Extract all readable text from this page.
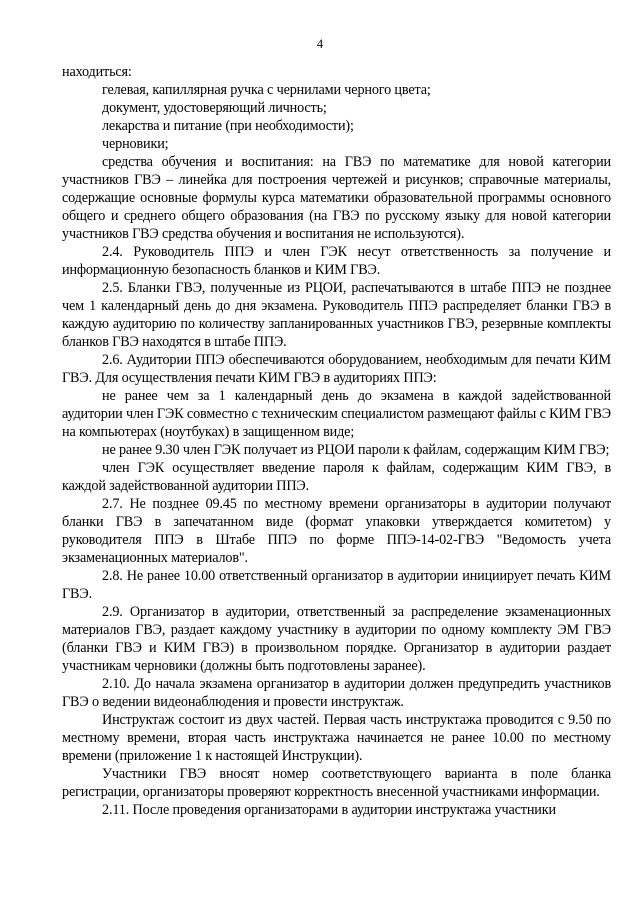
4

находиться:

гелевая, капиллярная ручка с чернилами черного цвета;

документ, удостоверяющий личность;

лекарства и питание (при необходимости);

черновики;

средства обучения и воспитания: на ГВЭ по математике для новой категории участников ГВЭ – линейка для построения чертежей и рисунков; справочные материалы, содержащие основные формулы курса математики образовательной программы основного общего и среднего общего образования (на ГВЭ по русскому языку для новой категории участников ГВЭ средства обучения и воспитания не используются).

2.4. Руководитель ППЭ и член ГЭК несут ответственность за получение и информационную безопасность бланков и КИМ ГВЭ.

2.5. Бланки ГВЭ, полученные из РЦОИ, распечатываются в штабе ППЭ не позднее чем 1 календарный день до дня экзамена. Руководитель ППЭ распределяет бланки ГВЭ в каждую аудиторию по количеству запланированных участников ГВЭ, резервные комплекты бланков ГВЭ находятся в штабе ППЭ.

2.6. Аудитории ППЭ обеспечиваются оборудованием, необходимым для печати КИМ ГВЭ. Для осуществления печати КИМ ГВЭ в аудиториях ППЭ:

не ранее чем за 1 календарный день до экзамена в каждой задействованной аудитории член ГЭК совместно с техническим специалистом размещают файлы с КИМ ГВЭ на компьютерах (ноутбуках) в защищенном виде;

не ранее 9.30 член ГЭК получает из РЦОИ пароли к файлам, содержащим КИМ ГВЭ;

член ГЭК осуществляет введение пароля к файлам, содержащим КИМ ГВЭ, в каждой задействованной аудитории ППЭ.

2.7. Не позднее 09.45 по местному времени организаторы в аудитории получают бланки ГВЭ в запечатанном виде (формат упаковки утверждается комитетом) у руководителя ППЭ в Штабе ППЭ по форме ППЭ-14-02-ГВЭ "Ведомость учета экзаменационных материалов".

2.8. Не ранее 10.00 ответственный организатор в аудитории инициирует печать КИМ ГВЭ.

2.9. Организатор в аудитории, ответственный за распределение экзаменационных материалов ГВЭ, раздает каждому участнику в аудитории по одному комплекту ЭМ ГВЭ (бланки ГВЭ и КИМ ГВЭ) в произвольном порядке. Организатор в аудитории раздает участникам черновики (должны быть подготовлены заранее).

2.10. До начала экзамена организатор в аудитории должен предупредить участников ГВЭ о ведении видеонаблюдения и провести инструктаж.

Инструктаж состоит из двух частей. Первая часть инструктажа проводится с 9.50 по местному времени, вторая часть инструктажа начинается не ранее 10.00 по местному времени (приложение 1 к настоящей Инструкции).

Участники ГВЭ вносят номер соответствующего варианта в поле бланка регистрации, организаторы проверяют корректность внесенной участниками информации.

2.11. После проведения организаторами в аудитории инструктажа участники
